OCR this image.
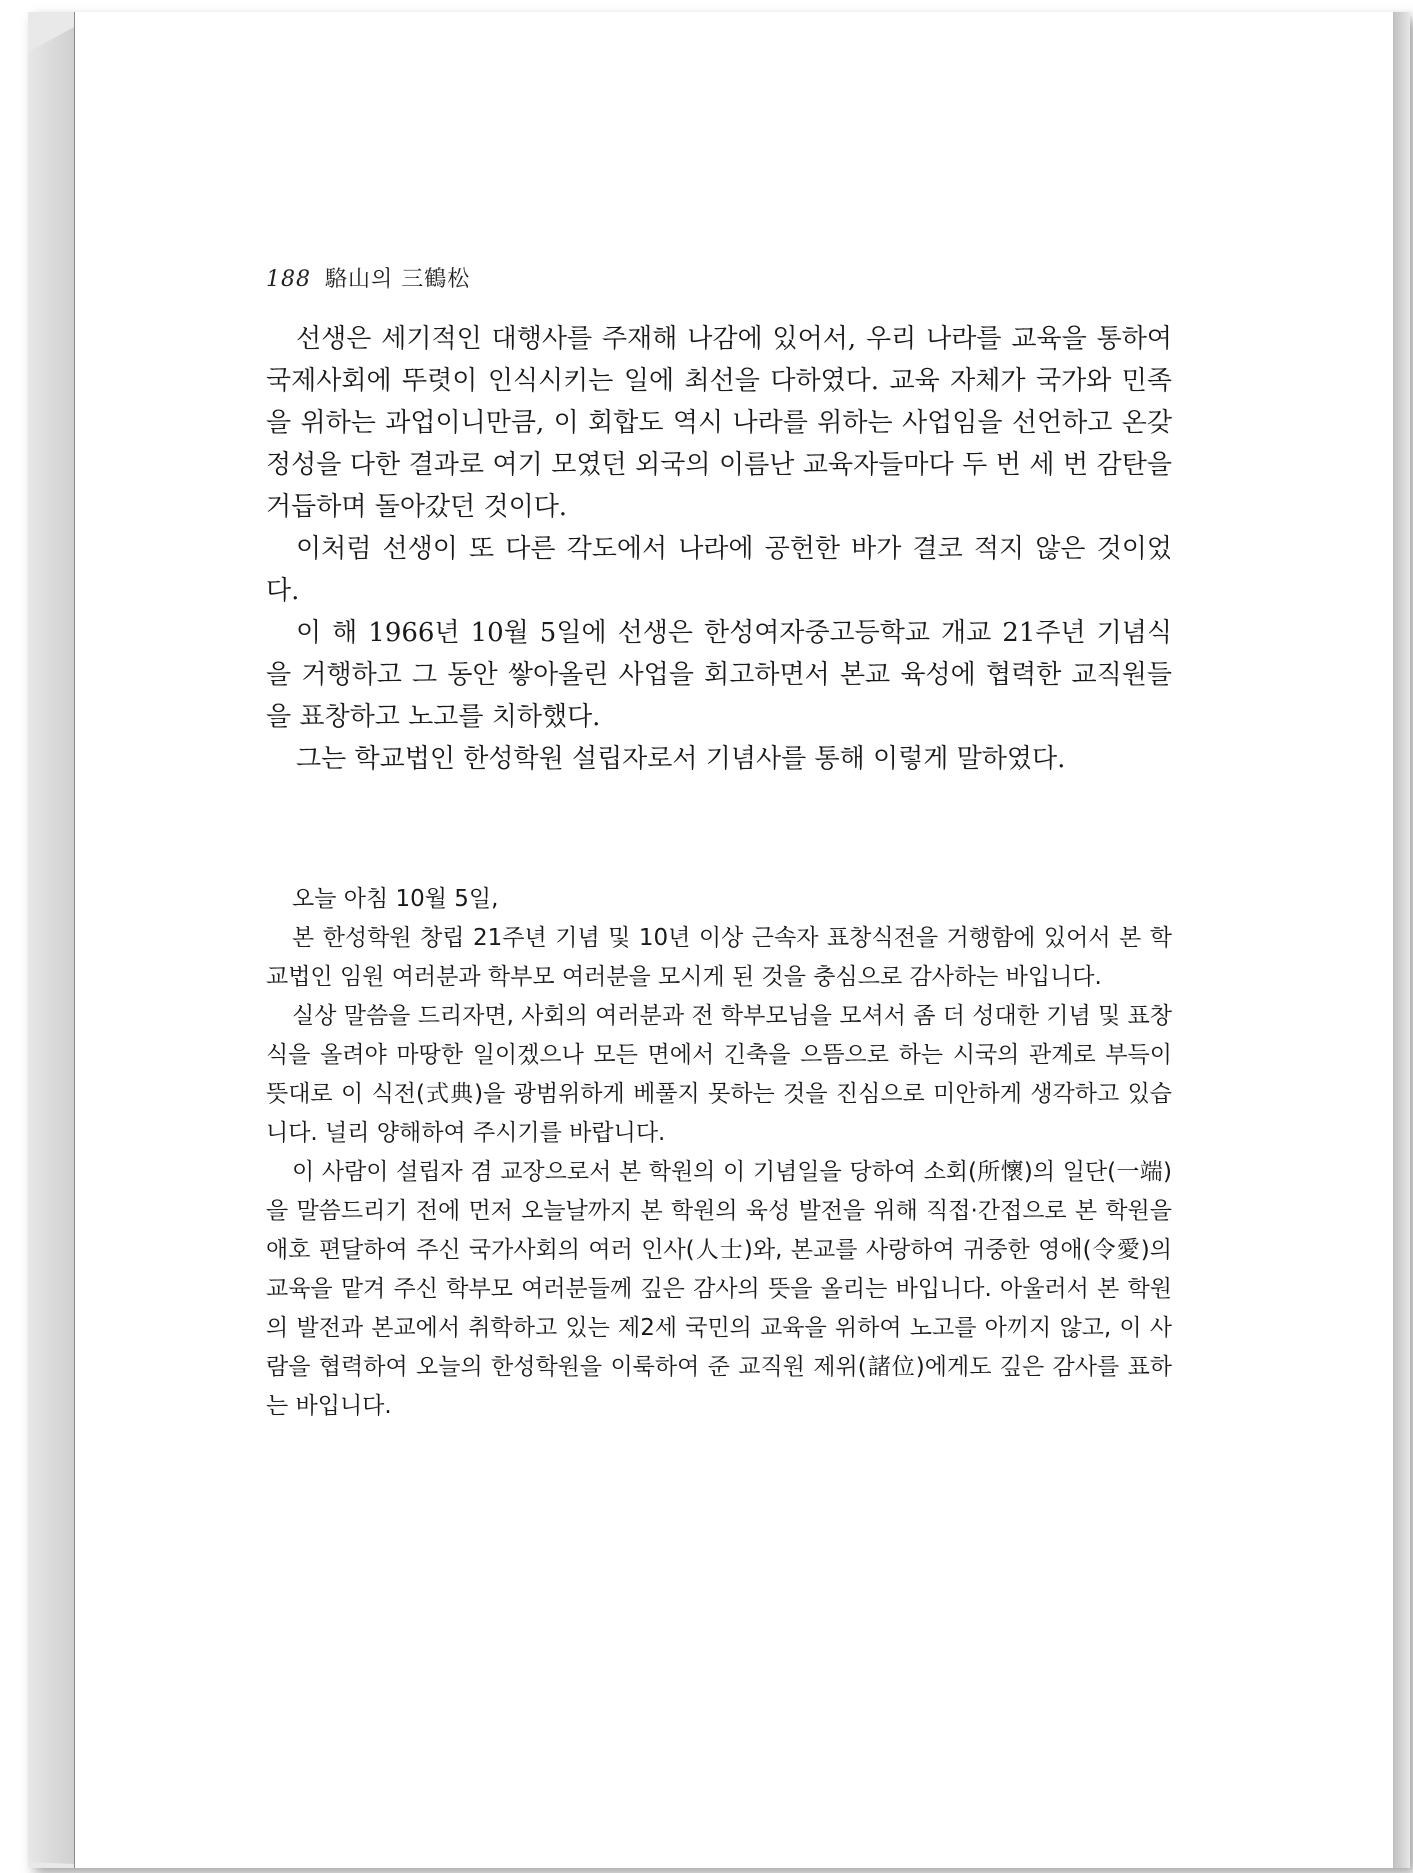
188 駱山의 三鶴松

선생은 세기적인 대행사를 주재해 나감에 있어서, 우리 나라를 교육을 통하여 국제사회에 뚜렷이 인식시키는 일에 최선을 다하였다. 교육 자체가 국가와 민족을 위하는 과업이니만큼, 이 회합도 역시 나라를 위하는 사업임을 선언하고 온갖 정성을 다한 결과로 여기 모였던 외국의 이름난 교육자들마다 두 번 세 번 감탄을 거듭하며 돌아갔던 것이다.

이처럼 선생이 또 다른 각도에서 나라에 공헌한 바가 결코 적지 않은 것이었다.

이 해 1966년 10월 5일에 선생은 한성여자중고등학교 개교 21주년 기념식을 거행하고 그 동안 쌓아올린 사업을 회고하면서 본교 육성에 협력한 교직원들을 표창하고 노고를 치하했다.

그는 학교법인 한성학원 설립자로서 기념사를 통해 이렇게 말하였다.

오늘 아침 10월 5일,

본 한성학원 창립 21주년 기념 및 10년 이상 근속자 표창식전을 거행함에 있어서 본 학교법인 임원 여러분과 학부모 여러분을 모시게 된 것을 충심으로 감사하는 바입니다.

실상 말씀을 드리자면, 사회의 여러분과 전 학부모님을 모셔서 좀 더 성대한 기념 및 표창식을 올려야 마땅한 일이겠으나 모든 면에서 긴축을 으뜸으로 하는 시국의 관계로 부득이 뜻대로 이 식전(式典)을 광범위하게 베풀지 못하는 것을 진심으로 미안하게 생각하고 있습니다. 널리 양해하여 주시기를 바랍니다.

이 사람이 설립자 겸 교장으로서 본 학원의 이 기념일을 당하여 소회(所懷)의 일단(一端)을 말씀드리기 전에 먼저 오늘날까지 본 학원의 육성 발전을 위해 직접·간접으로 본 학원을 애호 편달하여 주신 국가사회의 여러 인사(人士)와, 본교를 사랑하여 귀중한 영애(令愛)의 교육을 맡겨 주신 학부모 여러분들께 깊은 감사의 뜻을 올리는 바입니다. 아울러서 본 학원의 발전과 본교에서 취학하고 있는 제2세 국민의 교육을 위하여 노고를 아끼지 않고, 이 사람을 협력하여 오늘의 한성학원을 이룩하여 준 교직원 제위(諸位)에게도 깊은 감사를 표하는 바입니다.
